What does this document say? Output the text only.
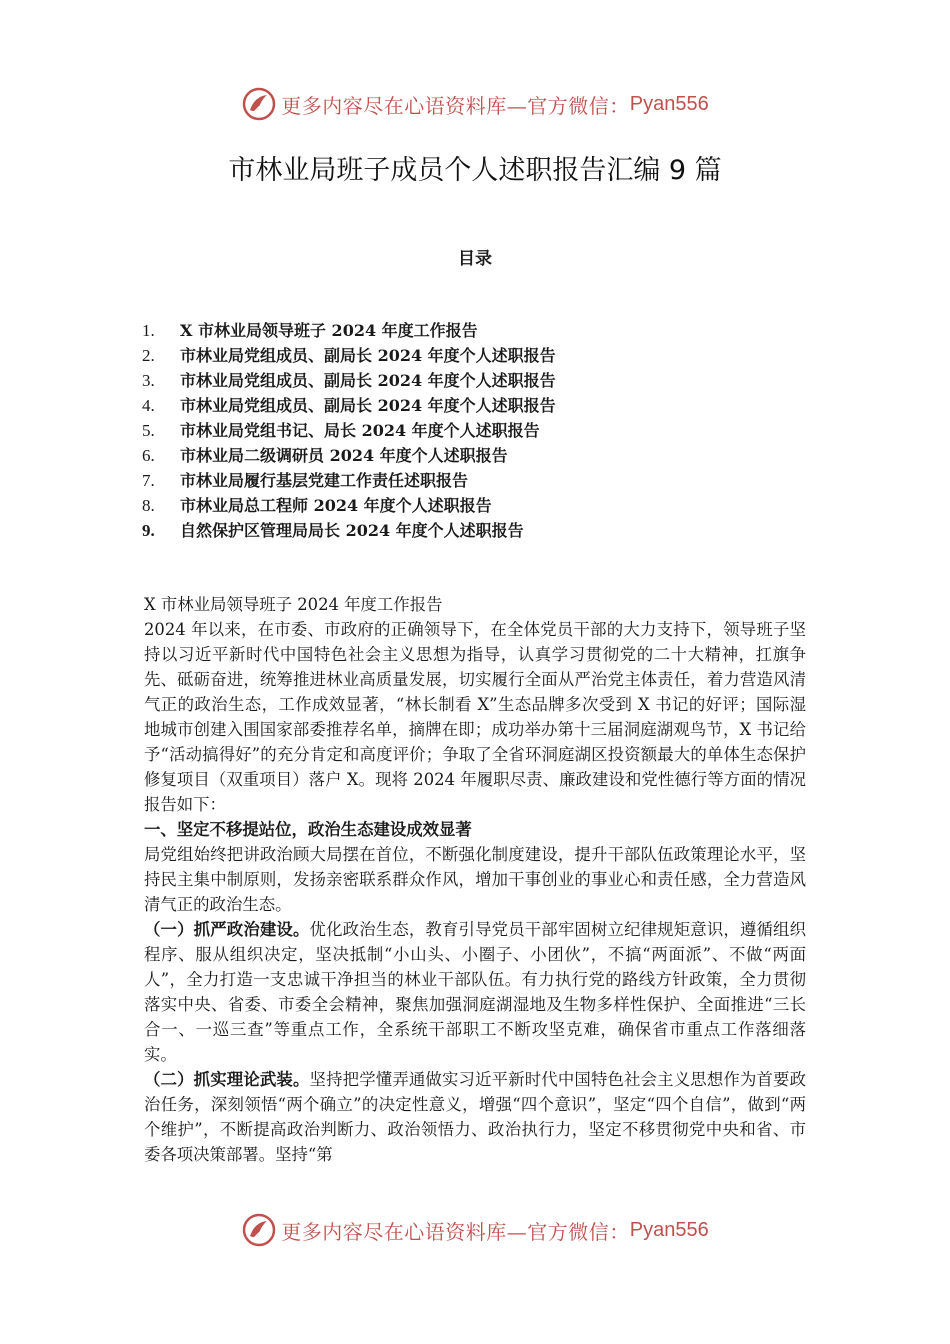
更多内容尽在心语资料库—官方微信： Pyan556
市林业局班子成员个人述职报告汇编 9 篇
目录
1.	X 市林业局领导班子 2024 年度工作报告
2.	市林业局党组成员、副局长 2024 年度个人述职报告
3.	市林业局党组成员、副局长 2024 年度个人述职报告
4.	市林业局党组成员、副局长 2024 年度个人述职报告
5.	市林业局党组书记、局长 2024 年度个人述职报告
6.	市林业局二级调研员 2024 年度个人述职报告
7.	市林业局履行基层党建工作责任述职报告
8.	市林业局总工程师 2024 年度个人述职报告
9.	自然保护区管理局局长 2024 年度个人述职报告

X 市林业局领导班子 2024 年度工作报告

2024 年以来，在市委、市政府的正确领导下，在全体党员干部的大力支持下，领导班子坚持以习近平新时代中国特色社会主义思想为指导，认真学习贯彻党的二十大精神，扛旗争先、砥砺奋进，统筹推进林业高质量发展，切实履行全面从严治党主体责任，着力营造风清气正的政治生态，工作成效显著，“林长制看 X”生态品牌多次受到 X 书记的好评；国际湿地城市创建入围国家部委推荐名单，摘牌在即；成功举办第十三届洞庭湖观鸟节，X 书记给予“活动搞得好”的充分肯定和高度评价；争取了全省环洞庭湖区投资额最大的单体生态保护修复项目（双重项目）落户 X。现将 2024 年履职尽责、廉政建设和党性德行等方面的情况报告如下：

一、坚定不移提站位，政治生态建设成效显著

局党组始终把讲政治顾大局摆在首位，不断强化制度建设，提升干部队伍政策理论水平，坚持民主集中制原则，发扬亲密联系群众作风，增加干事创业的事业心和责任感，全力营造风清气正的政治生态。

（一）抓严政治建设。优化政治生态，教育引导党员干部牢固树立纪律规矩意识，遵循组织程序、服从组织决定，坚决抵制“小山头、小圈子、小团伙”，不搞“两面派”、不做“两面人”，全力打造一支忠诚干净担当的林业干部队伍。有力执行党的路线方针政策，全力贯彻落实中央、省委、市委全会精神，聚焦加强洞庭湖湿地及生物多样性保护、全面推进“三长合一、一巡三查”等重点工作，全系统干部职工不断攻坚克难，确保省市重点工作落细落实。

（二）抓实理论武装。坚持把学懂弄通做实习近平新时代中国特色社会主义思想作为首要政治任务，深刻领悟“两个确立”的决定性意义，增强“四个意识”，坚定“四个自信”，做到“两个维护”，不断提高政治判断力、政治领悟力、政治执行力，坚定不移贯彻党中央和省、市委各项决策部署。坚持“第

更多内容尽在心语资料库—官方微信： Pyan556
